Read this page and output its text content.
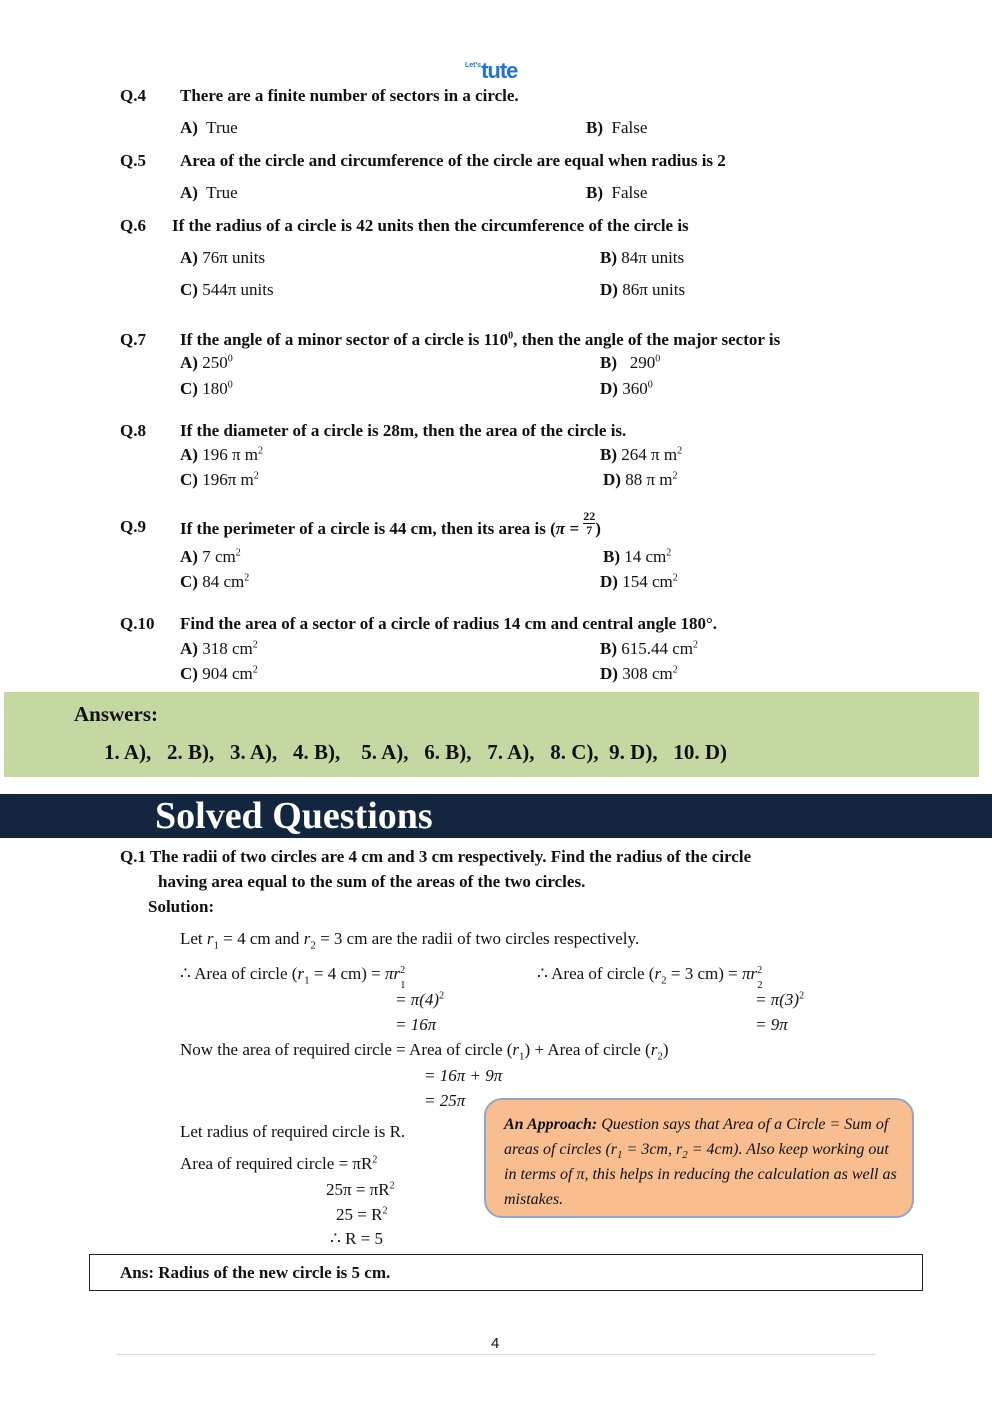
$^{Let's}$tute
Q.4 There are a finite number of sectors in a circle.
A) True	B) False
Q.5 Area of the circle and circumference of the circle are equal when radius is 2
A) True	B) False
Q.6 If the radius of a circle is 42 units then the circumference of the circle is
A) 76π units	B) 84π units
C) 544π units	D) 86π units
Q.7 If the angle of a minor sector of a circle is $110^0$, then the angle of the major sector is
A) $250^0$	B) $290^0$
C) $180^0$	D) $360^0$
Q.8 If the diameter of a circle is 28m, then the area of the circle is.
A) 196 π $m^2$	B) 264 π $m^2$
C) 196π $m^2$	D) 88 π $m^2$
Q.9 If the perimeter of a circle is 44 cm, then its area is ($\pi = \frac{22}{7}$ )
A) 7 $cm^2$	B) 14 $cm^2$
C) 84 $cm^2$	D) 154 $cm^2$
Q.10 Find the area of a sector of a circle of radius 14 cm and central angle 180°.
A) 318 $cm^2$	B) 615.44 $cm^2$
C) 904 $cm^2$	D) 308 $cm^2$
Answers:
1. A),   2. B),   3. A),   4. B),    5. A),   6. B),   7. A),   8. C),  9. D),   10. D)
Solved Questions
Q.1 The radii of two circles are 4 cm and 3 cm respectively. Find the radius of the circle
having area equal to the sum of the areas of the two circles.
Solution:
Let $r_1 = 4$ cm and $r_2 = 3$ cm are the radii of two circles respectively.
∴ Area of circle ($r_1 = 4$ cm) = πr 2
1
= $\pi(4)^2$
= 16π
∴ Area of circle ($r_2 = 3$ cm) = πr 2
2
= $\pi(3)^2$
= 9π
Now the area of required circle = Area of circle $(r_1)$ + Area of circle $(r_2)$
= 16π + 9π
= 25π
Let radius of required circle is R.
Area of required circle = $\pi R^2$
$25\pi = \pi R^2$
$25 = R^2$
∴ R = 5
An Approach: Question says that Area of a Circle = Sum of areas of circles ($r_1 = 3cm$, $r_2 = 4cm$). Also keep working out in terms of π, this helps in reducing the calculation as well as mistakes.
Ans: Radius of the new circle is 5 cm.
4
